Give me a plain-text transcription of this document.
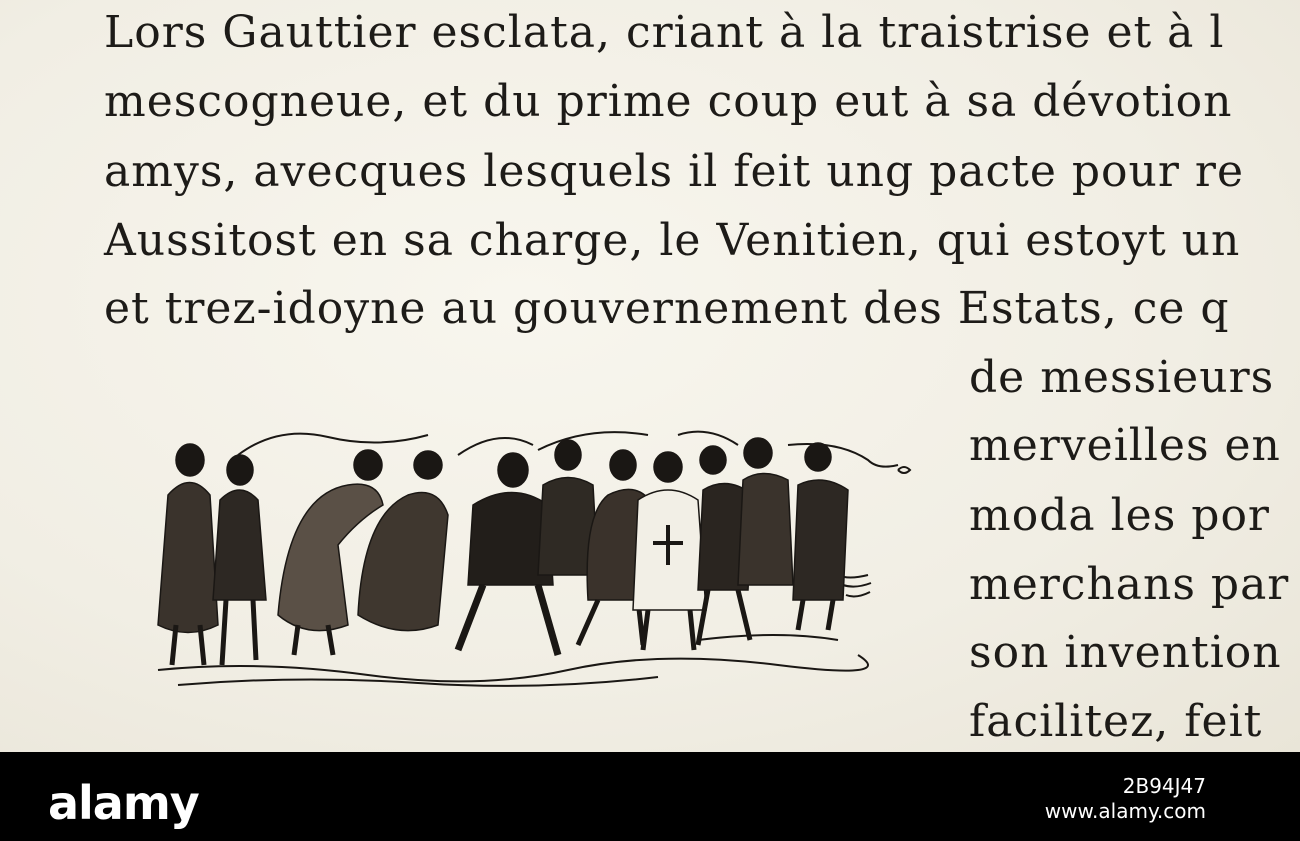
Lors Gauttier esclata, criant à la traistrise et à l
mescogneue, et du prime coup eut à sa dévotion
amys, avecques lesquels il feit ung pacte pour re
Aussitost en sa charge, le Venitien, qui estoyt un
et trez-idoyne au gouvernement des Estats, ce q
de messieurs
merveilles en
moda les por
merchans par
son invention
facilitez, feit
alamy	2B94J47
www.alamy.com
